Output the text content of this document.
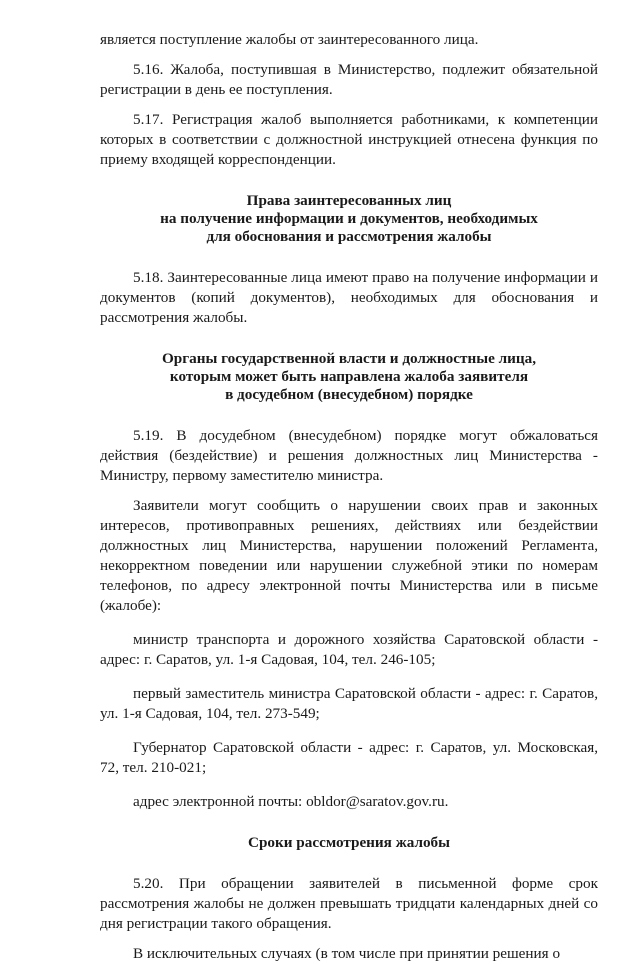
является поступление жалобы от заинтересованного лица.

5.16. Жалоба, поступившая в Министерство, подлежит обязательной регистрации в день ее поступления.

5.17. Регистрация жалоб выполняется работниками, к компетенции которых в соответствии с должностной инструкцией отнесена функция по приему входящей корреспонденции.

Права заинтересованных лиц
на получение информации и документов, необходимых
для обоснования и рассмотрения жалобы

5.18. Заинтересованные лица имеют право на получение информации и документов (копий документов), необходимых для обоснования и рассмотрения жалобы.

Органы государственной власти и должностные лица,
которым может быть направлена жалоба заявителя
в досудебном (внесудебном) порядке

5.19. В досудебном (внесудебном) порядке могут обжаловаться действия (бездействие) и решения должностных лиц Министерства - Министру, первому заместителю министра.

Заявители могут сообщить о нарушении своих прав и законных интересов, противоправных решениях, действиях или бездействии должностных лиц Министерства, нарушении положений Регламента, некорректном поведении или нарушении служебной этики по номерам телефонов, по адресу электронной почты Министерства или в письме (жалобе):

министр транспорта и дорожного хозяйства Саратовской области - адрес: г. Саратов, ул. 1-я Садовая, 104, тел. 246-105;

первый заместитель министра Саратовской области - адрес: г. Саратов, ул. 1-я Садовая, 104, тел. 273-549;

Губернатор Саратовской области - адрес: г. Саратов, ул. Московская, 72, тел. 210-021;

адрес электронной почты: obldor@saratov.gov.ru.

Сроки рассмотрения жалобы

5.20. При обращении заявителей в письменной форме срок рассмотрения жалобы не должен превышать тридцати календарных дней со дня регистрации такого обращения.

В исключительных случаях (в том числе при принятии решения о
